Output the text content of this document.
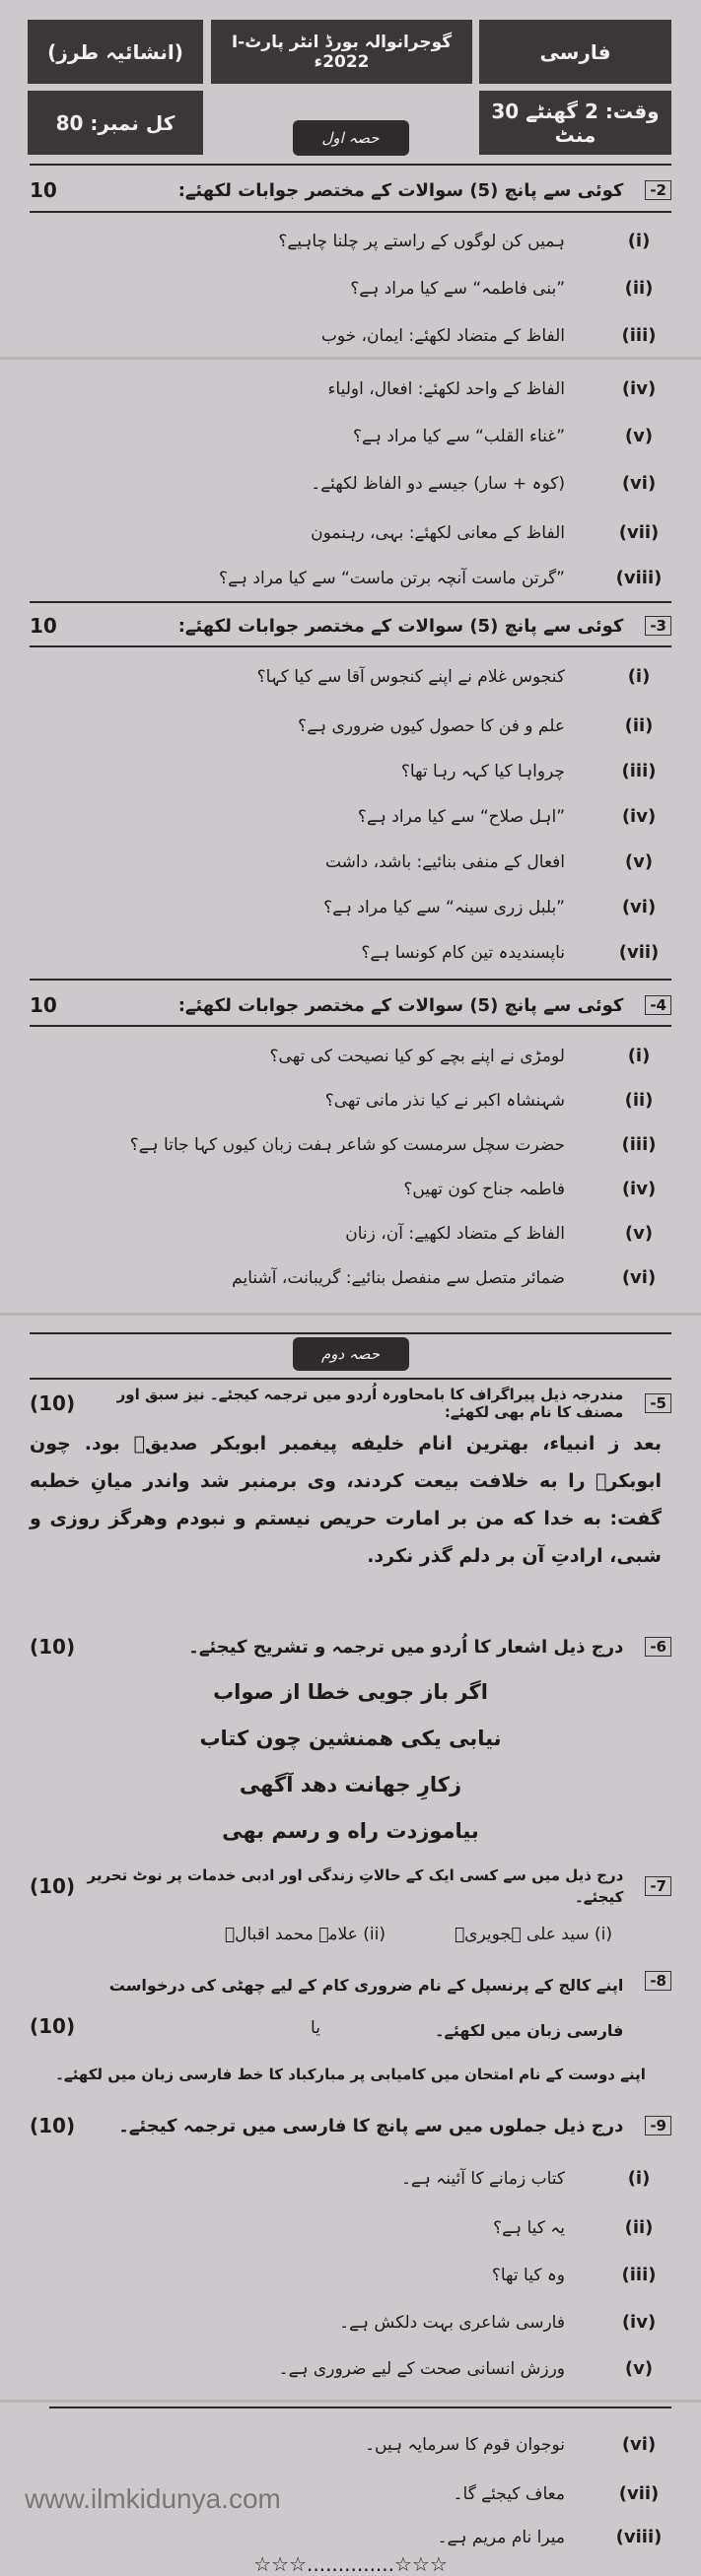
فارسی
گوجرانوالہ بورڈ انٹر پارٹ-I 2022ء
(انشائیہ طرز)
وقت: 2 گھنٹے 30 منٹ
کل نمبر: 80
حصہ اول
-2
کوئی سے پانچ (5) سوالات کے مختصر جوابات لکھئے:
10
(i)
ہمیں کن لوگوں کے راستے پر چلنا چاہیے؟
(ii)
”بنی فاطمہ“ سے کیا مراد ہے؟
(iii)
الفاظ کے متضاد لکھئے: ایمان، خوب
(iv)
الفاظ کے واحد لکھئے: افعال، اولیاء
(v)
”غناء القلب“ سے کیا مراد ہے؟
(vi)
(کوہ + سار) جیسے دو الفاظ لکھئے۔
(vii)
الفاظ کے معانی لکھئے: بہی، رہنمون
(viii)
”گرتن ماست آنچہ برتن ماست“ سے کیا مراد ہے؟
-3
کوئی سے پانچ (5) سوالات کے مختصر جوابات لکھئے:
10
(i)
کنجوس غلام نے اپنے کنجوس آقا سے کیا کہا؟
(ii)
علم و فن کا حصول کیوں ضروری ہے؟
(iii)
چرواہا کیا کہہ رہا تھا؟
(iv)
”اہل صلاح“ سے کیا مراد ہے؟
(v)
افعال کے منفی بنائیے: باشد، داشت
(vi)
”بلبل زری سینہ“ سے کیا مراد ہے؟
(vii)
ناپسندیدہ تین کام کونسا ہے؟
-4
کوئی سے پانچ (5) سوالات کے مختصر جوابات لکھئے:
10
(i)
لومڑی نے اپنے بچے کو کیا نصیحت کی تھی؟
(ii)
شہنشاہ اکبر نے کیا نذر مانی تھی؟
(iii)
حضرت سچل سرمست کو شاعر ہفت زبان کیوں کہا جاتا ہے؟
(iv)
فاطمہ جناح کون تھیں؟
(v)
الفاظ کے متضاد لکھیے: آن، زنان
(vi)
ضمائر متصل سے منفصل بنائیے: گریبانت، آشنایم
حصہ دوم
-5
مندرجہ ذیل پیراگراف کا بامحاورہ اُردو میں ترجمہ کیجئے۔ نیز سبق اور مصنف کا نام بھی لکھئے:
(10)
بعد ز انبیاء، بهترین انام خلیفه پیغمبر ابوبکر صدیقؓ بود. چون ابوبکرؓ را به خلافت بیعت کردند، وی برمنبر شد واندر میانِ خطبه گفت: به خدا که من بر امارت حریص نیستم و نبودم وهرگز روزی و شبی، ارادتِ آن بر دلم گذر نکرد.
-6
درج ذیل اشعار کا اُردو میں ترجمہ و تشریح کیجئے۔
(10)
اگر باز جویی خطا از صواب
نیابی یکی همنشین چون کتاب
زکارِ جهانت دهد آگهی
بیاموزدت راه و رسم بهی
-7
درج ذیل میں سے کسی ایک کے حالاتِ زندگی اور ادبی خدمات پر نوٹ تحریر کیجئے۔
(10)
(i) سید علی ہجویریؒ
(ii) علامہ محمد اقبالؒ
-8
اپنے کالج کے پرنسپل کے نام ضروری کام کے لیے چھٹی کی درخواست فارسی زبان میں لکھئے۔
(10)	یا
اپنے دوست کے نام امتحان میں کامیابی پر مبارکباد کا خط فارسی زبان میں لکھئے۔
-9
درج ذیل جملوں میں سے پانچ کا فارسی میں ترجمہ کیجئے۔
(10)
(i)
کتاب زمانے کا آئینہ ہے۔
(ii)
یہ کیا ہے؟
(iii)
وہ کیا تھا؟
(iv)
فارسی شاعری بہت دلکش ہے۔
(v)
ورزش انسانی صحت کے لیے ضروری ہے۔
(vi)
نوجوان قوم کا سرمایہ ہیں۔
(vii)
معاف کیجئے گا۔
(viii)
میرا نام مریم ہے۔
www.ilmkidunya.com
☆☆☆..............☆☆☆
